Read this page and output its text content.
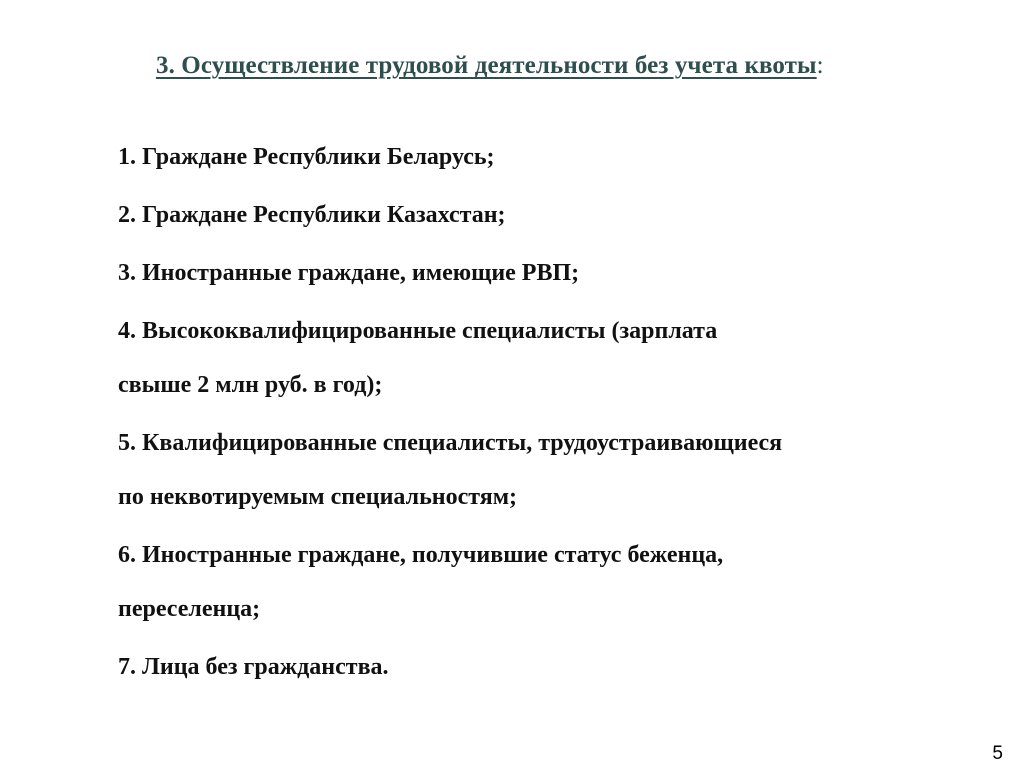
3. Осуществление трудовой деятельности без учета квоты:
1. Граждане Республики Беларусь;
2. Граждане Республики Казахстан;
3. Иностранные граждане, имеющие РВП;
4. Высококвалифицированные специалисты (зарплата
свыше 2 млн руб. в год);
5. Квалифицированные специалисты, трудоустраивающиеся
по неквотируемым специальностям;
6. Иностранные граждане, получившие статус беженца,
переселенца;
7. Лица без гражданства.
5
